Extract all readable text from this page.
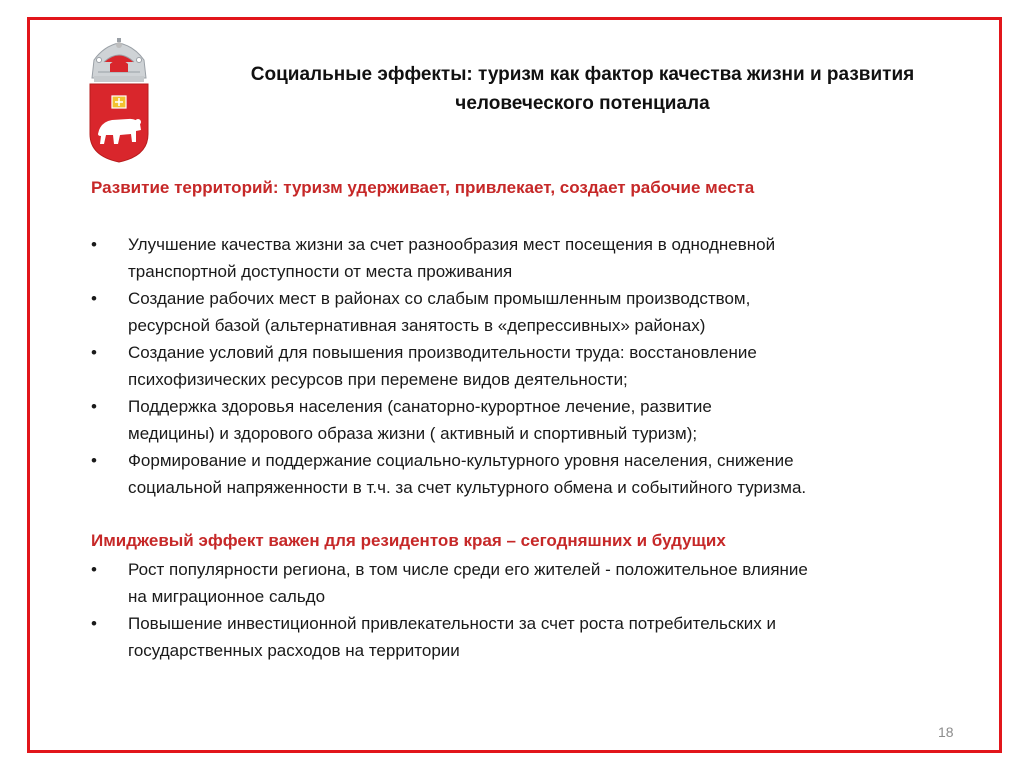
Социальные эффекты: туризм как фактор качества жизни и развития
человеческого потенциала
Развитие территорий: туризм удерживает, привлекает, создает рабочие места
• Улучшение качества жизни за счет разнообразия мест посещения в однодневной
транспортной доступности от места проживания
• Создание рабочих мест в районах со слабым промышленным производством,
ресурсной базой (альтернативная занятость в «депрессивных» районах)
• Создание условий для повышения производительности труда: восстановление
психофизических ресурсов при перемене видов деятельности;
• Поддержка здоровья населения (санаторно-курортное лечение, развитие
медицины) и здорового образа жизни ( активный и спортивный туризм);
• Формирование и поддержание социально-культурного уровня населения, снижение
социальной напряженности в т.ч. за счет культурного обмена и событийного туризма.
Имиджевый эффект важен для резидентов края – сегодняшних и будущих
• Рост популярности региона, в том числе среди его жителей - положительное влияние
на миграционное сальдо
• Повышение инвестиционной привлекательности за счет роста потребительских и
государственных расходов на территории
18
